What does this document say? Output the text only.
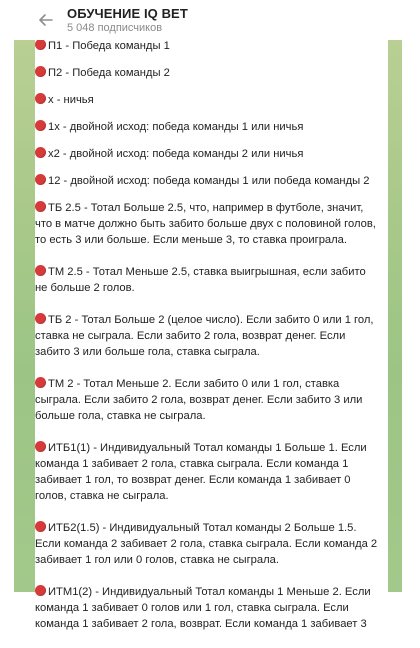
ОБУЧЕНИЕ IQ BET
5 048 подписчиков
П1 - Победа команды 1
П2 - Победа команды 2
х - ничья
1х - двойной исход: победа команды 1 или ничья
х2 - двойной исход: победа команды 2 или ничья
12 - двойной исход: победа команды 1 или победа команды 2
ТБ 2.5 - Тотал Больше 2.5, что, например в футболе, значит, что в матче должно быть забито больше двух с половиной голов, то есть 3 или больше. Если меньше 3, то ставка проиграла.
ТМ 2.5 - Тотал Меньше 2.5, ставка выигрышная, если забито не больше 2 голов.
ТБ 2 - Тотал Больше 2 (целое число). Если забито 0 или 1 гол, ставка не сыграла. Если забито 2 гола, возврат денег. Если забито 3 или больше гола, ставка сыграла.
ТМ 2 - Тотал Меньше 2. Если забито 0 или 1 гол, ставка сыграла. Если забито 2 гола, возврат денег. Если забито 3 или больше гола, ставка не сыграла.
ИТБ1(1) - Индивидуальный Тотал команды 1 Больше 1. Если команда 1 забивает 2 гола, ставка сыграла. Если команда 1 забивает 1 гол, то возврат денег. Если команда 1 забивает 0 голов, ставка не сыграла.
ИТБ2(1.5) - Индивидуальный Тотал команды 2 Больше 1.5. Если команда 2 забивает 2 гола, ставка сыграла. Если команда 2 забивает 1 гол или 0 голов, ставка не сыграла.
ИТМ1(2) - Индивидуальный Тотал команды 1 Меньше 2. Если команда 1 забивает 0 голов или 1 гол, ставка сыграла. Если команда 1 забивает 2 гола, возврат. Если команда 1 забивает 3
